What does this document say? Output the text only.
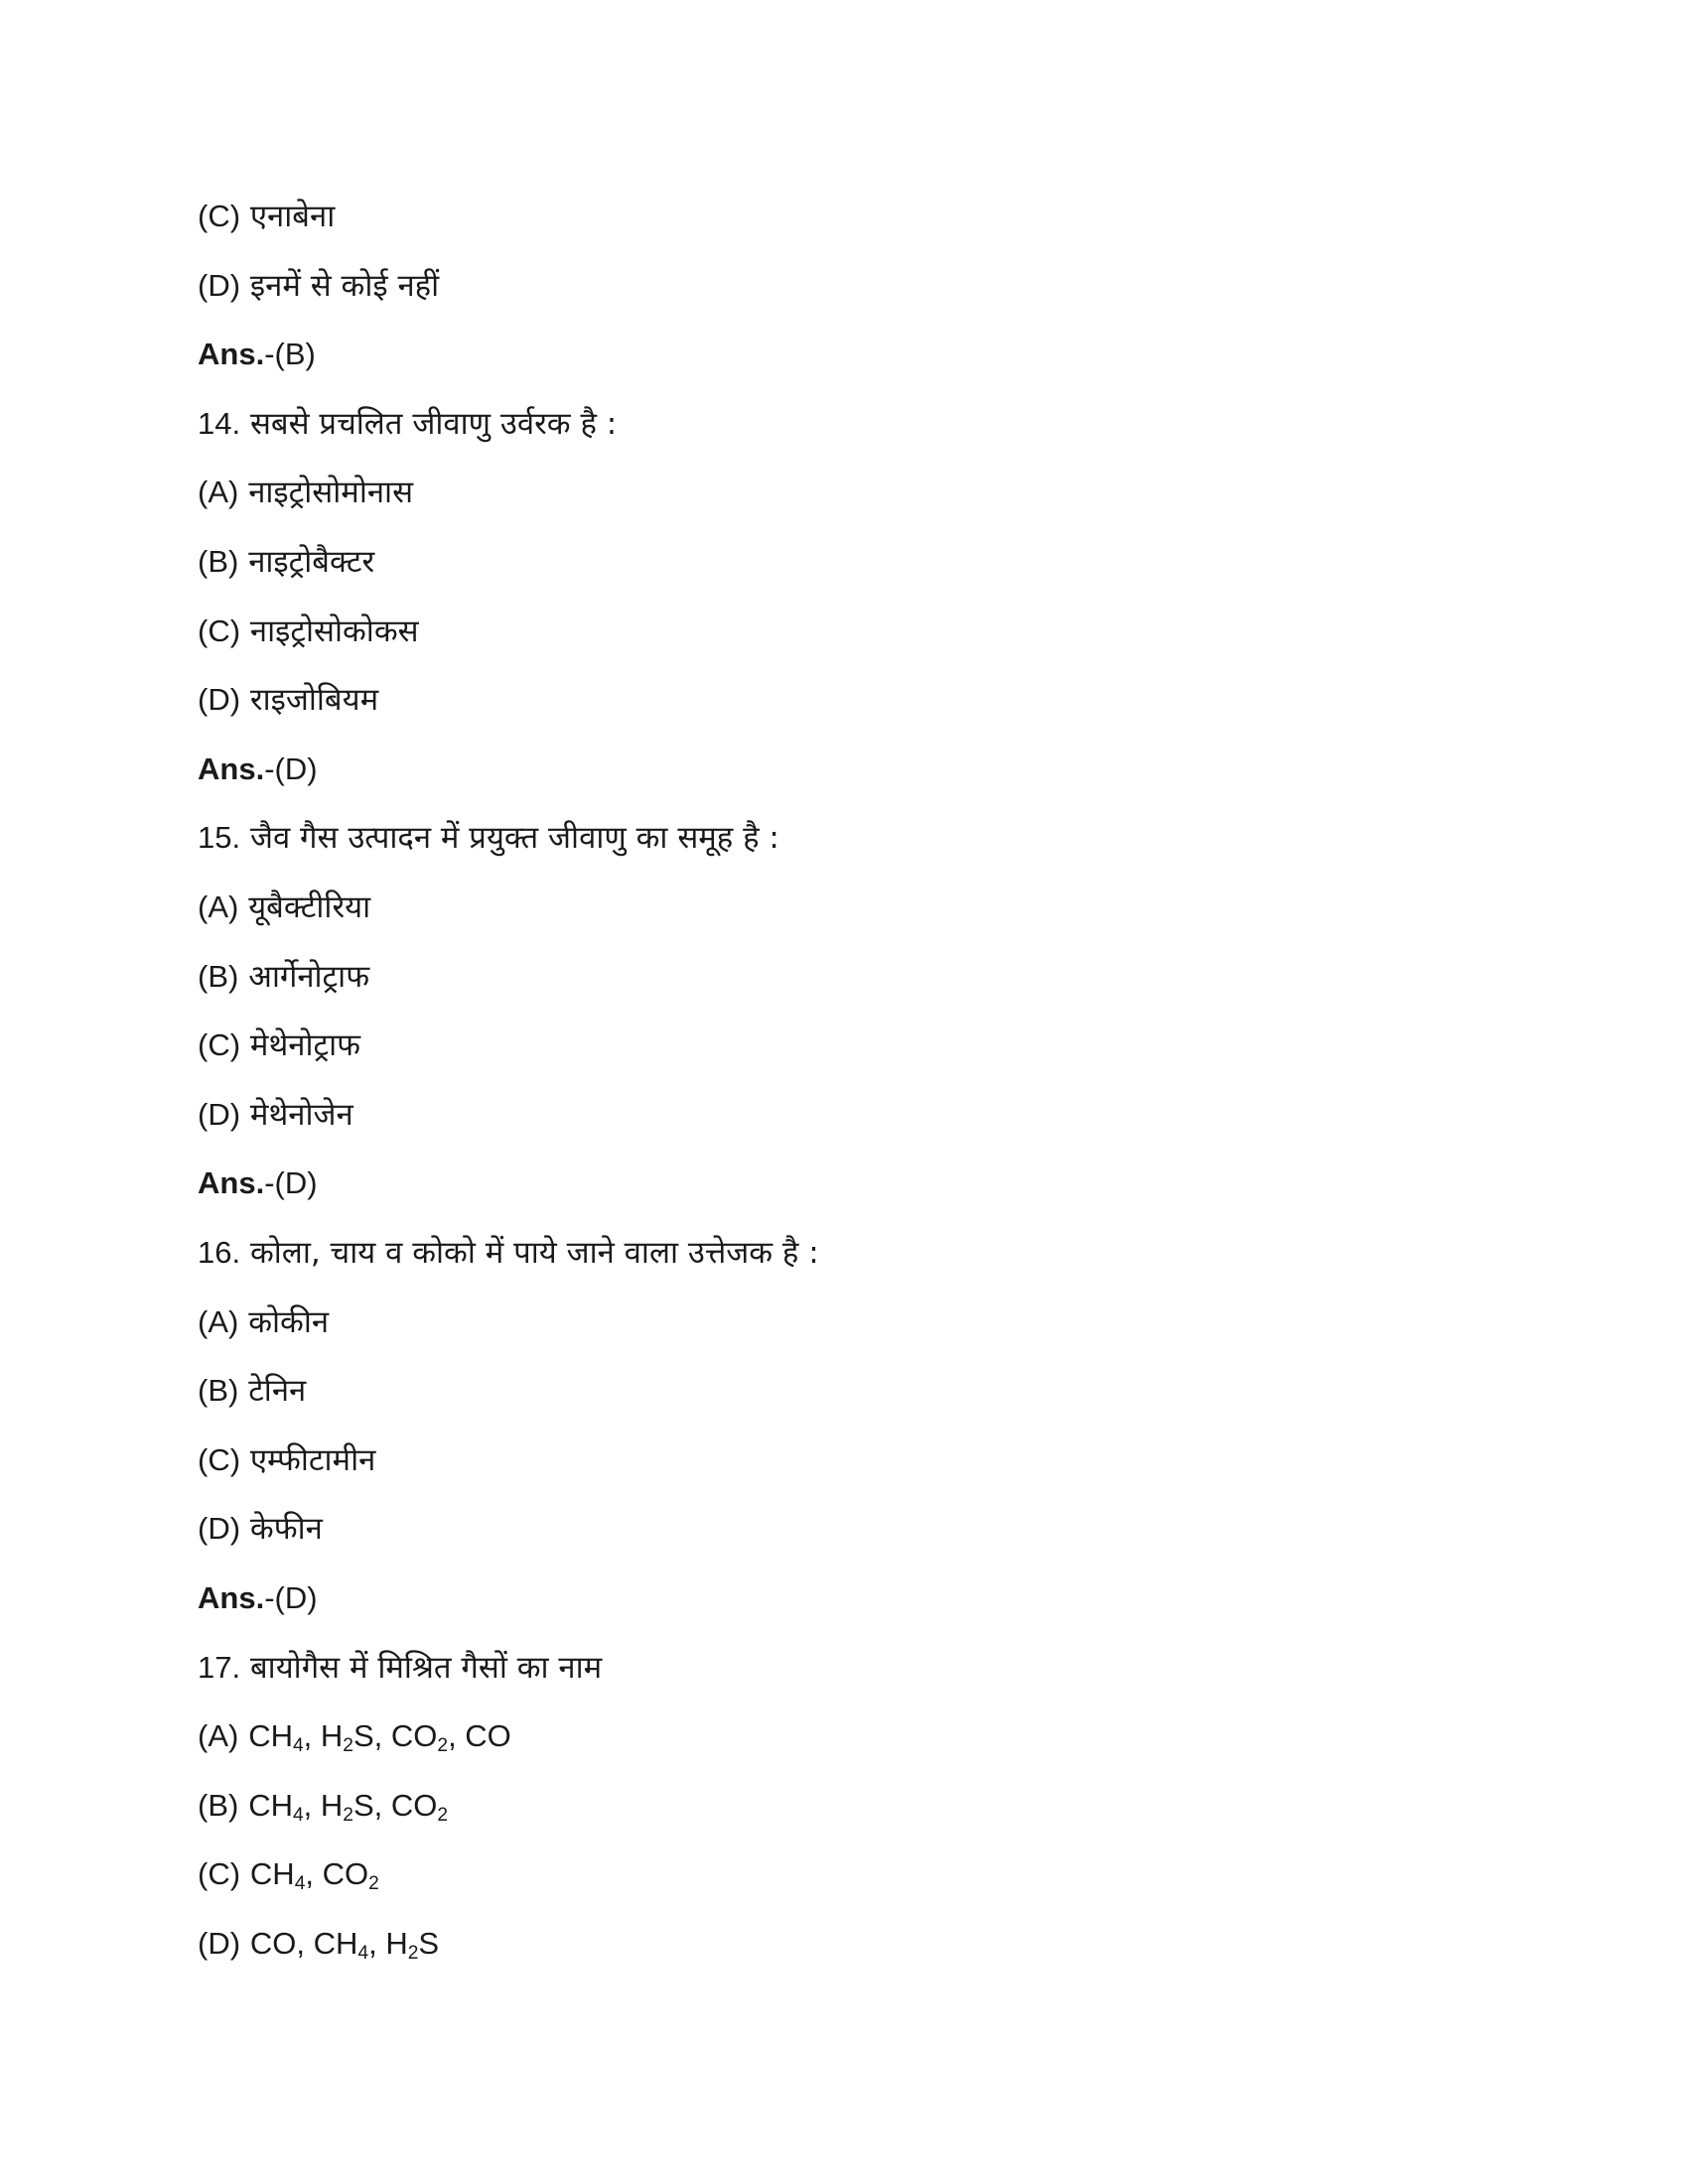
(C) एनाबेना
(D) इनमें से कोई नहीं
Ans.-(B)
14. सबसे प्रचलित जीवाणु उर्वरक है :
(A) नाइट्रोसोमोनास
(B) नाइट्रोबैक्टर
(C) नाइट्रोसोकोकस
(D) राइजोबियम
Ans.-(D)
15. जैव गैस उत्पादन में प्रयुक्त जीवाणु का समूह है :
(A) यूबैक्टीरिया
(B) आर्गेनोट्राफ
(C) मेथेनोट्राफ
(D) मेथेनोजेन
Ans.-(D)
16. कोला, चाय व कोको में पाये जाने वाला उत्तेजक है :
(A) कोकीन
(B) टेनिन
(C) एम्फीटामीन
(D) केफीन
Ans.-(D)
17. बायोगैस में मिश्रित गैसों का नाम
(A) $CH_4$, $H_2S$, $CO_2$, CO
(B) $CH_4$, $H_2S$, $CO_2$
(C) $CH_4$, $CO_2$
(D) CO, $CH_4$, $H_2S$
